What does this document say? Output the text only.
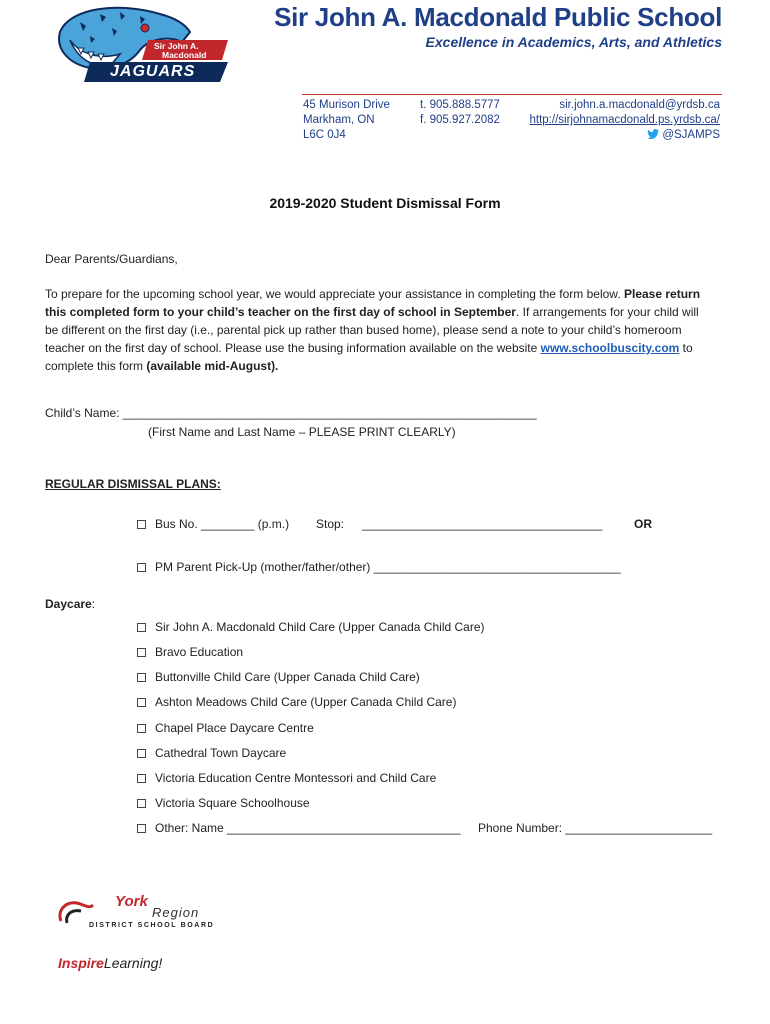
Sir John A.
Macdonald
JAGUARS
Sir John A. Macdonald Public School
Excellence in Academics, Arts, and Athletics
45 Murison Drive
Markham, ON
L6C 0J4
t. 905.888.5777
f. 905.927.2082
sir.john.a.macdonald@yrdsb.ca
http://sirjohnamacdonald.ps.yrdsb.ca/
@SJAMPS
2019-2020 Student Dismissal Form
Dear Parents/Guardians,
To prepare for the upcoming school year, we would appreciate your assistance in completing the form below. Please return this completed form to your child’s teacher on the first day of school in September. If arrangements for your child will be different on the first day (i.e., parental pick up rather than bused home), please send a note to your child’s homeroom teacher on the first day of school. Please use the busing information available on the website www.schoolbuscity.com to complete this form (available mid-August).
Child’s Name: ______________________________________________________________
(First Name and Last Name – PLEASE PRINT CLEARLY)
REGULAR DISMISSAL PLANS:
Bus No. ________ (p.m.) Stop: ____________________________________	OR
PM Parent Pick-Up (mother/father/other) _____________________________________
Daycare:
Sir John A. Macdonald Child Care (Upper Canada Child Care)
Bravo Education
Buttonville Child Care (Upper Canada Child Care)
Ashton Meadows Child Care (Upper Canada Child Care)
Chapel Place Daycare Centre
Cathedral Town Daycare
Victoria Education Centre Montessori and Child Care
Victoria Square Schoolhouse
Other: Name ___________________________________ Phone Number: ______________________
York
Region
DISTRICT SCHOOL BOARD
InspireLearning!
